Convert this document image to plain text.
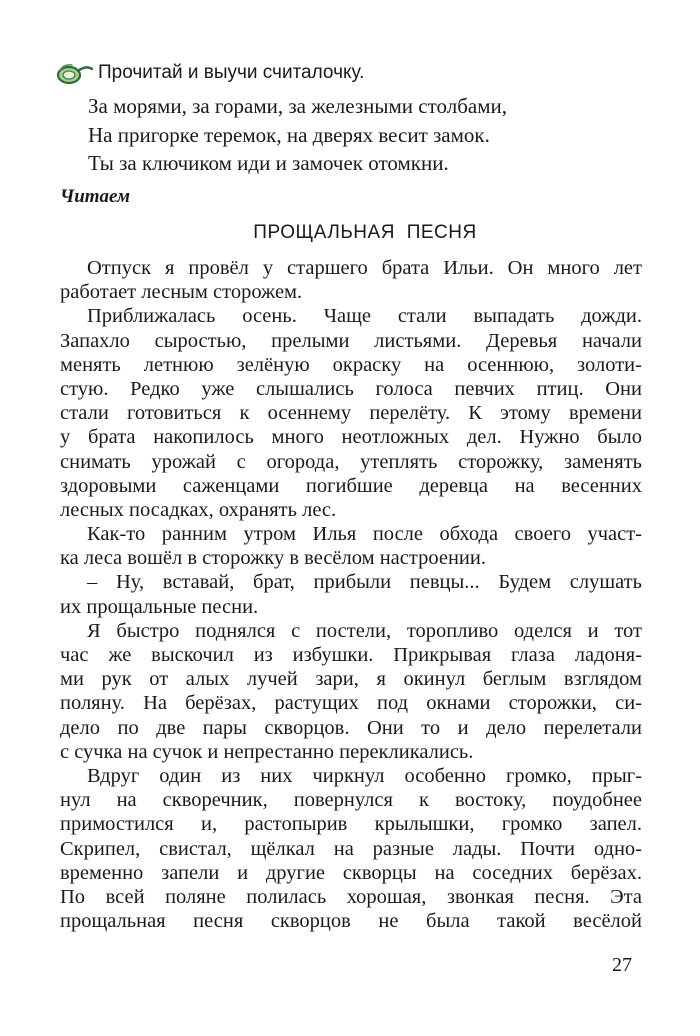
Прочитай и выучи считалочку.
За морями, за горами, за железными столбами,
На пригорке теремок, на дверях весит замок.
Ты за ключиком иди и замочек отомкни.
Читаем
ПРОЩАЛЬНАЯ ПЕСНЯ
Отпуск я провёл у старшего брата Ильи. Он много лет
работает лесным сторожем.
Приближалась осень. Чаще стали выпадать дожди.
Запахло сыростью, прелыми листьями. Деревья начали
менять летнюю зелёную окраску на осеннюю, золоти-
стую. Редко уже слышались голоса певчих птиц. Они
стали готовиться к осеннему перелёту. К этому времени
у брата накопилось много неотложных дел. Нужно было
снимать урожай с огорода, утеплять сторожку, заменять
здоровыми саженцами погибшие деревца на весенних
лесных посадках, охранять лес.
Как-то ранним утром Илья после обхода своего участ-
ка леса вошёл в сторожку в весёлом настроении.
– Ну, вставай, брат, прибыли певцы... Будем слушать
их прощальные песни.
Я быстро поднялся с постели, торопливо оделся и тот
час же выскочил из избушки. Прикрывая глаза ладоня-
ми рук от алых лучей зари, я окинул беглым взглядом
поляну. На берёзах, растущих под окнами сторожки, си-
дело по две пары скворцов. Они то и дело перелетали
с сучка на сучок и непрестанно перекликались.
Вдруг один из них чиркнул особенно громко, прыг-
нул на скворечник, повернулся к востоку, поудобнее
примостился и, растопырив крылышки, громко запел.
Скрипел, свистал, щёлкал на разные лады. Почти одно-
временно запели и другие скворцы на соседних берёзах.
По всей поляне полилась хорошая, звонкая песня. Эта
прощальная песня скворцов не была такой весёлой
27
